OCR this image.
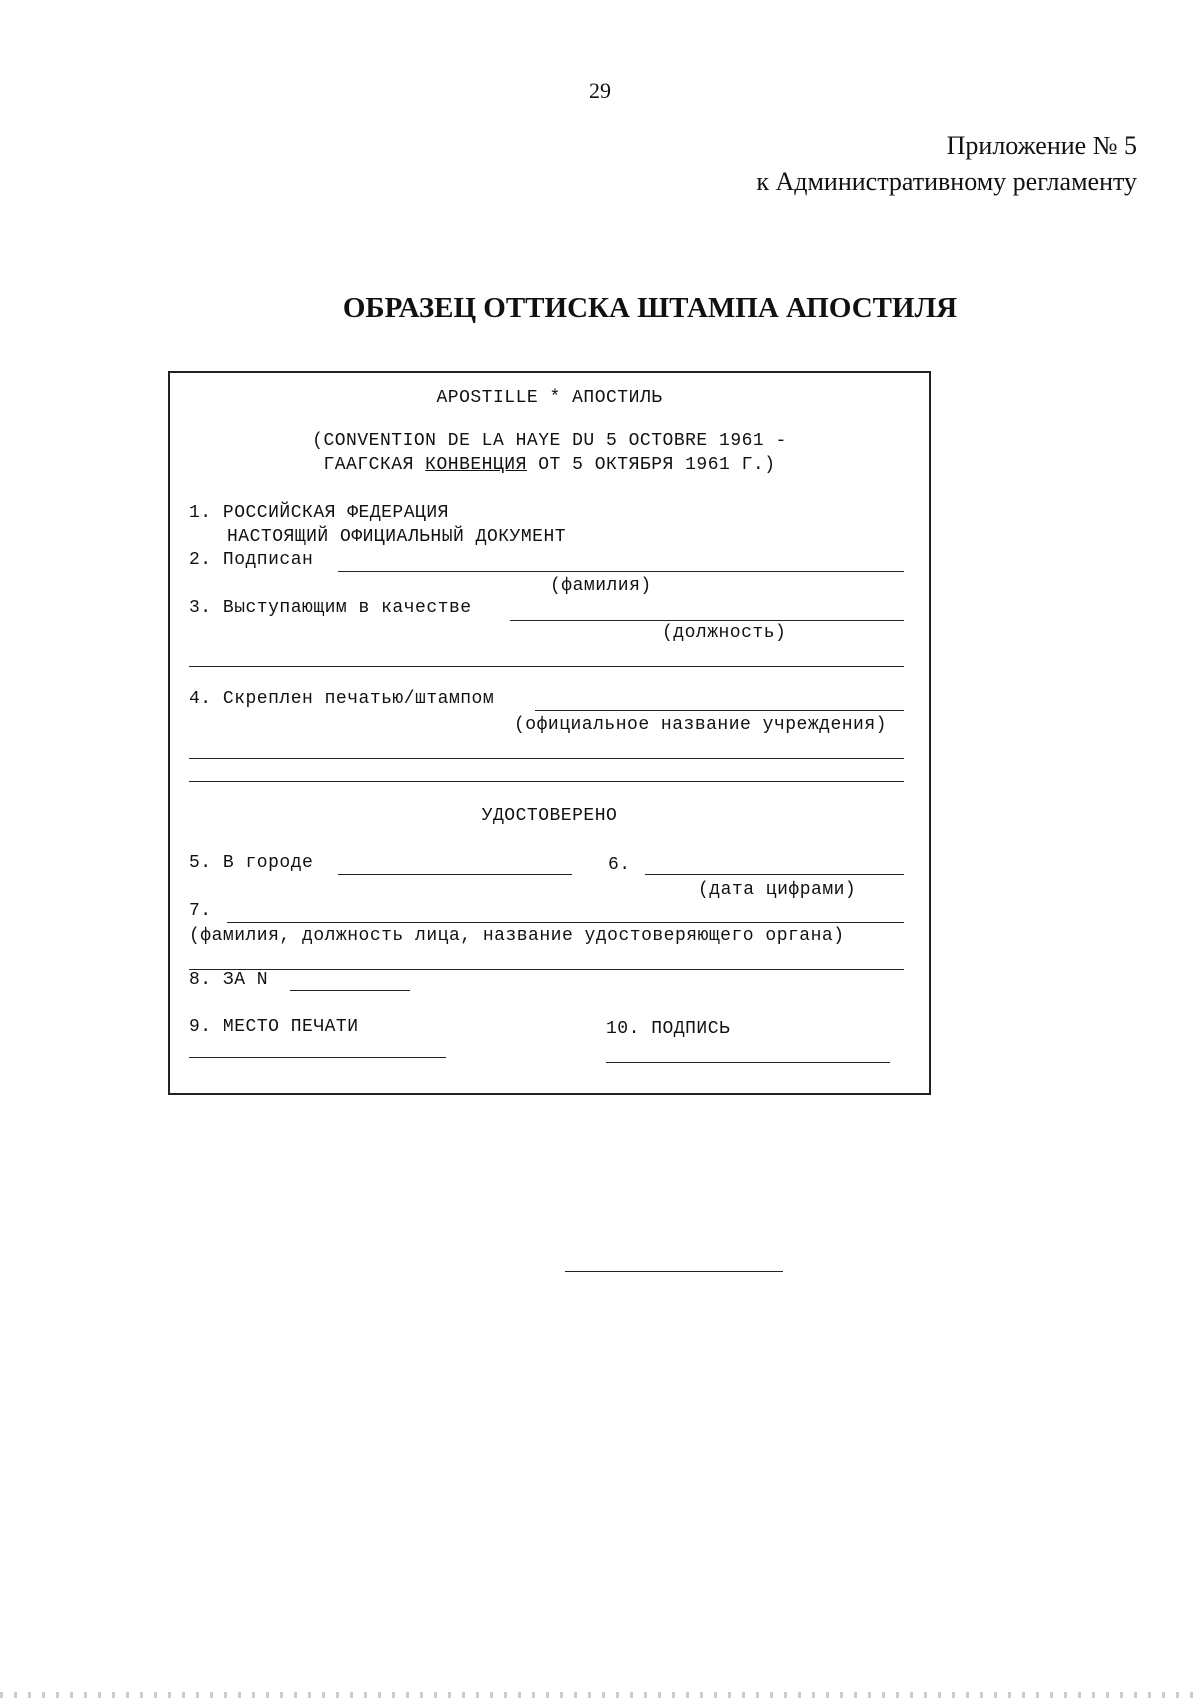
29
Приложение № 5
к Административному регламенту
ОБРАЗЕЦ ОТТИСКА ШТАМПА АПОСТИЛЯ
APOSTILLE * АПОСТИЛЬ
(CONVENTION DE LA HAYE DU 5 OCTOBRE 1961 -
ГААГСКАЯ КОНВЕНЦИЯ ОТ 5 ОКТЯБРЯ 1961 Г.)
1. РОССИЙСКАЯ ФЕДЕРАЦИЯ
НАСТОЯЩИЙ ОФИЦИАЛЬНЫЙ ДОКУМЕНТ
2. Подписан
(фамилия)
3. Выступающим в качестве
(должность)
4. Скреплен печатью/штампом
(официальное название учреждения)
УДОСТОВЕРЕНО
5. В городе	6.
(дата цифрами)
7.
(фамилия, должность лица, название удостоверяющего органа)
8. ЗА N
9. МЕСТО ПЕЧАТИ	10. ПОДПИСЬ
